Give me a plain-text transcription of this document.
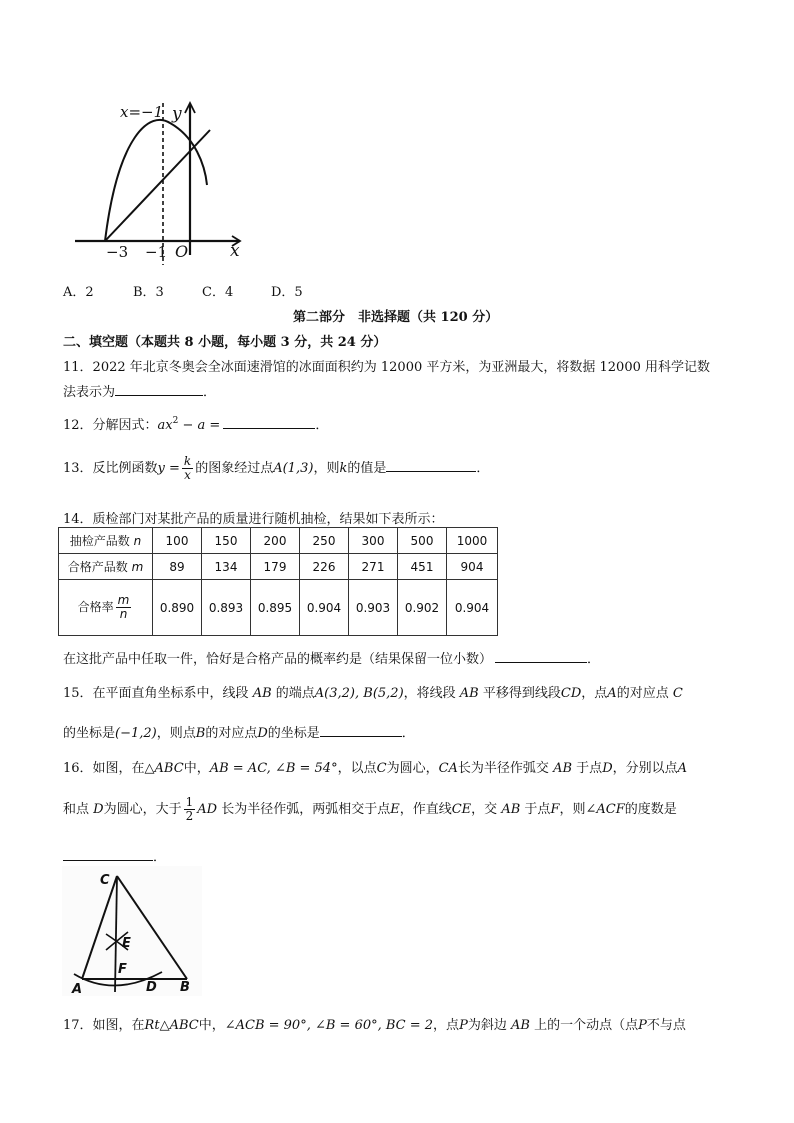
x=−1 y
x
−3 −1 O
A．2	B．3	C．4	D．5
第二部分　非选择题（共 120 分）
二、填空题（本题共 8 小题，每小题 3 分，共 24 分）
11．2022 年北京冬奥会全冰面速滑馆的冰面面积约为 12000 平方米，为亚洲最大，将数据 12000 用科学记数
法表示为	．
12．分解因式：$ax^2 - a$ =	．
13．反比例函数$y = \frac{k}{x}$ 的图象经过点A(1,3)，则k的值是	．
14．质检部门对某批产品的质量进行随机抽检，结果如下表所示：
抽检产品数 n	100	150	200	250	300	500	1000
合格产品数 m	89	134	179	226	271	451	904
合格率 $\frac{m}{n}$	0.890	0.893	0.895	0.904	0.903	0.902	0.904
在这批产品中任取一件，恰好是合格产品的概率约是（结果保留一位小数）	．
15．在平面直角坐标系中，线段 AB 的端点A(3,2), B(5,2)，将线段 AB 平移得到线段CD，点A的对应点 C
的坐标是(−1,2)，则点B的对应点D的坐标是	．
16．如图，在△ABC中，AB = AC, ∠B = 54°，以点C为圆心，CA长为半径作弧交 AB 于点D，分别以点A
和点 D为圆心，大于 $\frac{1}{2}$ AD 长为半径作弧，两弧相交于点E，作直线CE，交 AB 于点F，则∠ACF的度数是
．
C
E
F
A	D B
17．如图，在Rt△ABC中，∠ACB = 90°, ∠B = 60°, BC = 2，点P为斜边 AB 上的一个动点（点P不与点
